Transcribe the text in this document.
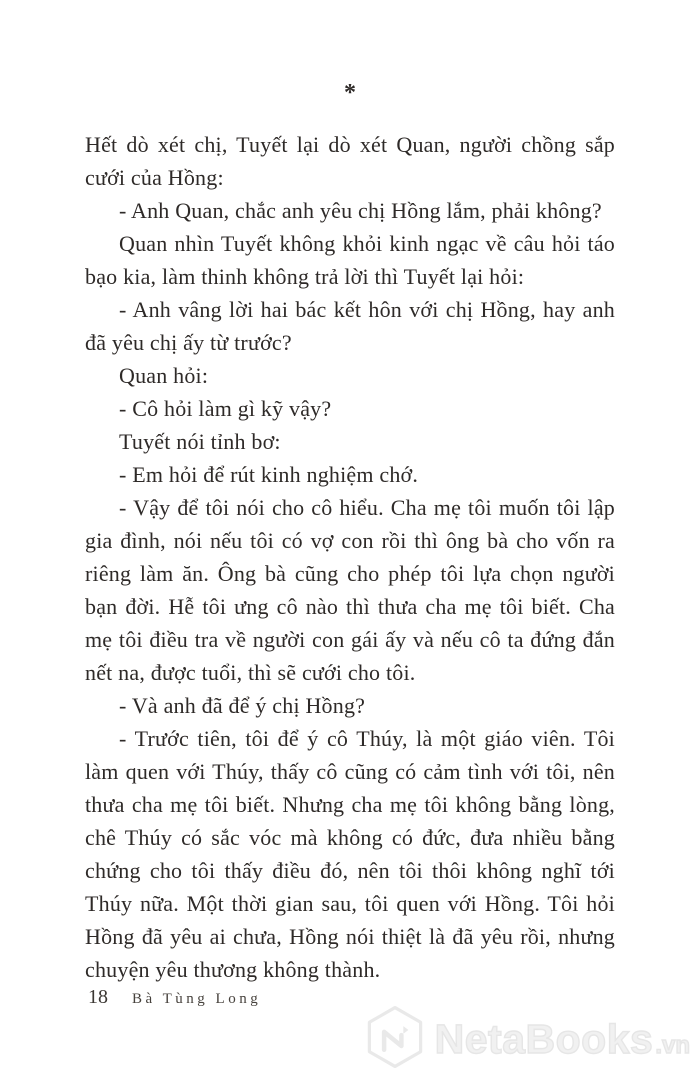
*

Hết dò xét chị, Tuyết lại dò xét Quan, người chồng sắp cưới của Hồng:

- Anh Quan, chắc anh yêu chị Hồng lắm, phải không?

Quan nhìn Tuyết không khỏi kinh ngạc về câu hỏi táo bạo kia, làm thinh không trả lời thì Tuyết lại hỏi:

- Anh vâng lời hai bác kết hôn với chị Hồng, hay anh đã yêu chị ấy từ trước?

Quan hỏi:

- Cô hỏi làm gì kỹ vậy?

Tuyết nói tỉnh bơ:

- Em hỏi để rút kinh nghiệm chớ.

- Vậy để tôi nói cho cô hiểu. Cha mẹ tôi muốn tôi lập gia đình, nói nếu tôi có vợ con rồi thì ông bà cho vốn ra riêng làm ăn. Ông bà cũng cho phép tôi lựa chọn người bạn đời. Hễ tôi ưng cô nào thì thưa cha mẹ tôi biết. Cha mẹ tôi điều tra về người con gái ấy và nếu cô ta đứng đắn nết na, được tuổi, thì sẽ cưới cho tôi.

- Và anh đã để ý chị Hồng?

- Trước tiên, tôi để ý cô Thúy, là một giáo viên. Tôi làm quen với Thúy, thấy cô cũng có cảm tình với tôi, nên thưa cha mẹ tôi biết. Nhưng cha mẹ tôi không bằng lòng, chê Thúy có sắc vóc mà không có đức, đưa nhiều bằng chứng cho tôi thấy điều đó, nên tôi thôi không nghĩ tới Thúy nữa. Một thời gian sau, tôi quen với Hồng. Tôi hỏi Hồng đã yêu ai chưa, Hồng nói thiệt là đã yêu rồi, nhưng chuyện yêu thương không thành.

18 Bà Tùng Long
NetaBooks.vn
